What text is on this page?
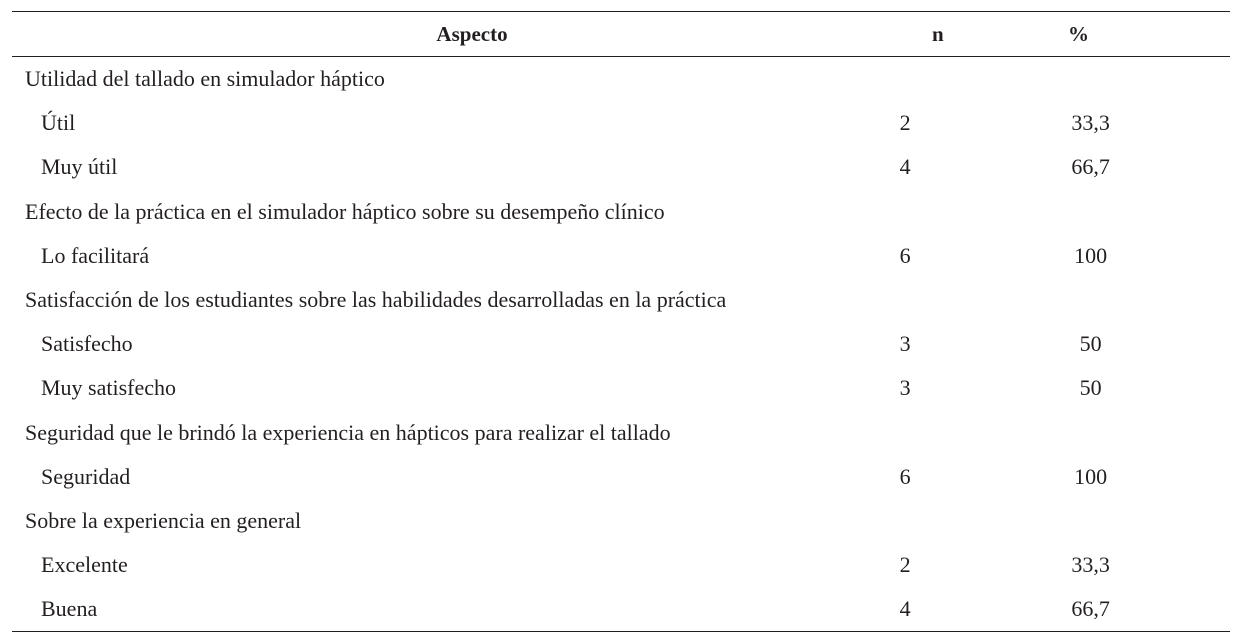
Aspecto	n	%
Utilidad del tallado en simulador háptico
Útil	2	33,3
Muy útil	4	66,7
Efecto de la práctica en el simulador háptico sobre su desempeño clínico
Lo facilitará	6	100
Satisfacción de los estudiantes sobre las habilidades desarrolladas en la práctica
Satisfecho	3	50
Muy satisfecho	3	50
Seguridad que le brindó la experiencia en hápticos para realizar el tallado
Seguridad	6	100
Sobre la experiencia en general
Excelente	2	33,3
Buena	4	66,7
